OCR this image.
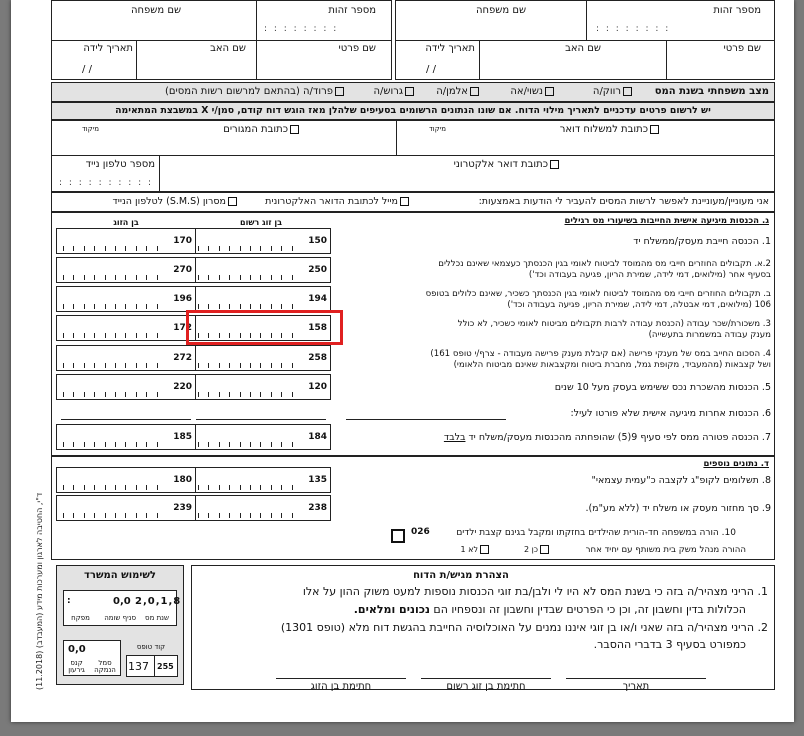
מספר זהות
שם משפחה
שם פרטי
שם האב
תאריך לידה
/ /
: : : : : : : :
מספר זהות
שם משפחה
שם פרטי
שם האב
תאריך לידה
/ /
: : : : : : : :
מצב משפחתי בשנת המס
רווק/ה
נשוי/אה
אלמן/ה
גרוש/ה
פרוד/ה (בהתאם למרשום רשות המסים)
יש לרשום פרטים עדכניים לתאריך מילוי הדוח. אם שונו הנתונים הרשומים בסעיפים שלהלן מאז הוגש דוח קודם, סמן/י X במשבצת המתאימה
כתובת למשלוח דואר
מיקוד
כתובת המגורים
מיקוד
כתובת דואר אלקטרוני
מספר טלפון נייד
: : : : : : : : : :
אני מעוניין/מעוניינת לאפשר לרשות המסים להעביר לי הודעות באמצעות:
מייל לכתובת הדואר האלקטרונית
מסרון (S.M.S) לטלפון הנייד
ג. הכנסות מיגיעה אישית החייבות בשיעורי מס רגילים
בן זוג רשום
בן הזוג
1. הכנסה חייבת מעסק/ממשלח יד
150
170
2.א. תקבולים החוזרים חייבי מס מהמוסד לביטוח לאומי בגין הכנסתך כעצמאי שאינם נכללים
בסעיף אחר (מילואים, דמי לידה, שמירת הריון, פגיעה בעבודה וכד')
250
270
ב. תקבולים החוזרים חייבי מס מהמוסד לביטוח לאומי בגין הכנסתך כשכיר, שאינם כלולים בטופס
106 (מילואים, דמי אבטלה, דמי לידה, שמירת הריון, פגיעה בעבודה וכד')
194
196
3. משכורת/שכר עבודה (הכנסת עבודה לרבות תקבולים מביטוח לאומי כשכיר, לא כולל
מענק עבודה במשמרות בתעשייה)
158
172
4. הסכום החייב במס של מענקי פרישה (אם קיבלת מענק פרישה מעבודה - צרף/י טופס 161)
ושל קצבאות (מהמעביד, מקופת גמל, מחברת ביטוח ומקצבאות שאינם מביטוח הלאומי)
258
272
5. הכנסות מהשכרת נכס ששימש בעסק מעל 10 שנים
120
220
6. הכנסות אחרות מיגיעה אישית שלא פורטו לעיל:
7. הכנסה פטורה ממס לפי סעיף 9(5) שהופחתה מהכנסות מעסק/משלח יד בלבד
184
185
ד. נתונים נוספים
8. תשלומים לקופ"ג לקצבה כ"עמית עצמאי"
135
180
9. סך מחזור מעסק או משלח יד (ללא מע"מ).
238
239
10. הורה במשפחה חד-הורית שהילדים בחזקתו ומקבל בגינם קצבת ילדים
026
ההורה מנהל משק בית משותף עם יחיד אחר
כן 2
לא 1
הצהרת מגיש/ת הדוח
1. הריני מצהיר/ה בזה כי בשנת המס לא היו לי ולבן/בת זוגי הכנסות נוספות למעט משוק ההון על אלו
הכלולות בדין וחשבון זה, וכן כי הפרטים שבדין וחשבון זה ונספחיו הם נכונים ומלאים.
2. הריני מצהיר/ה בזה שאני ו/או בן זוגי איננו נמנים על האוכלוסיה החייבת בהגשת דוח מלא (טופס 1301)
כמפורט בסעיף 3 בדברי ההסבר.
תאריך
חתימת בן זוג רשום
חתימת בן הזוג
לשימוש המשרד
:	0,0 2,0,1,8
מפקח	סניף שומה	שנת מס
0,0
קנס גירעון
סמל הנמקה
קוד טופס
137 255
ד"י, החטיבה לארגון ומערכות מידע (המעבדב) (11.2018)
